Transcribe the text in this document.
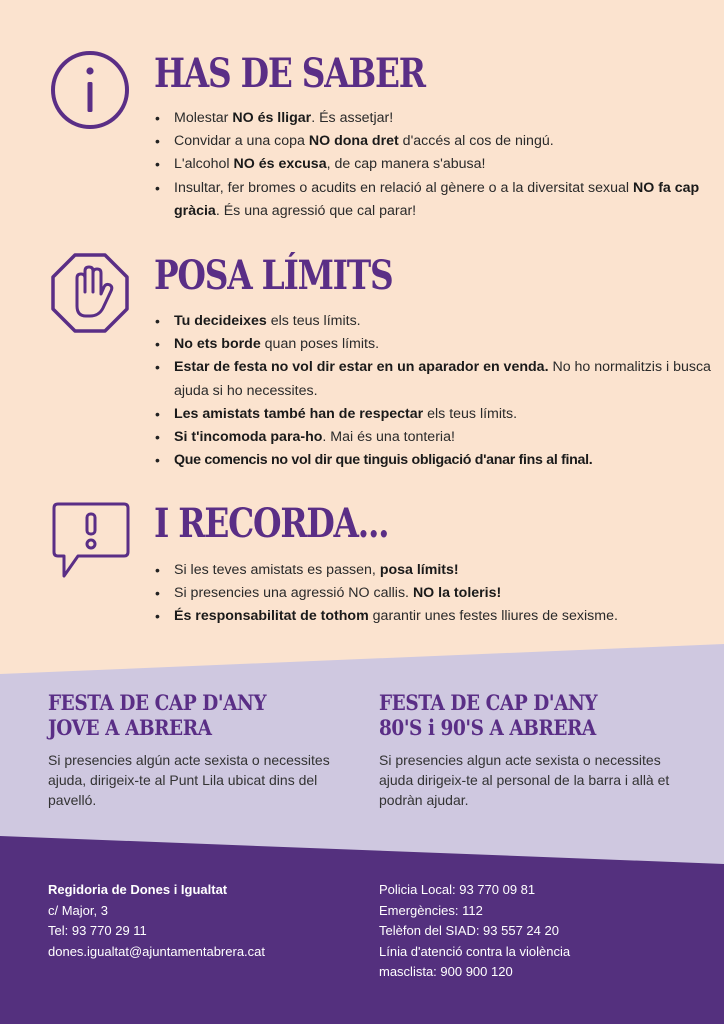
HAS DE SABER
• Molestar NO és lligar. És assetjar!
• Convidar a una copa NO dona dret d'accés al cos de ningú.
• L'alcohol NO és excusa, de cap manera s'abusa!
• Insultar, fer bromes o acudits en relació al gènere o a la diversitat sexual NO fa cap gràcia. És una agressió que cal parar!
POSA LÍMITS
• Tu decideixes els teus límits.
• No ets borde quan poses límits.
• Estar de festa no vol dir estar en un aparador en venda. No ho normalitzis i busca ajuda si ho necessites.
• Les amistats també han de respectar els teus límits.
• Si t'incomoda para-ho. Mai és una tonteria!
• Que comencis no vol dir que tinguis obligació d'anar fins al final.
I RECORDA...
• Si les teves amistats es passen, posa límits!
• Si presencies una agressió NO callis. NO la toleris!
• És responsabilitat de tothom garantir unes festes lliures de sexisme.
FESTA DE CAP D'ANY
JOVE A ABRERA
Si presencies algún acte sexista o necessites ajuda, dirigeix-te al Punt Lila ubicat dins del pavelló.
FESTA DE CAP D'ANY
80'S i 90'S A ABRERA
Si presencies algun acte sexista o necessites ajuda dirigeix-te al personal de la barra i allà et podràn ajudar.
Regidoria de Dones i Igualtat
c/ Major, 3
Tel: 93 770 29 11
dones.igualtat@ajuntamentabrera.cat
Policia Local: 93 770 09 81
Emergències: 112
Telèfon del SIAD: 93 557 24 20
Línia d'atenció contra la violència
masclista: 900 900 120
